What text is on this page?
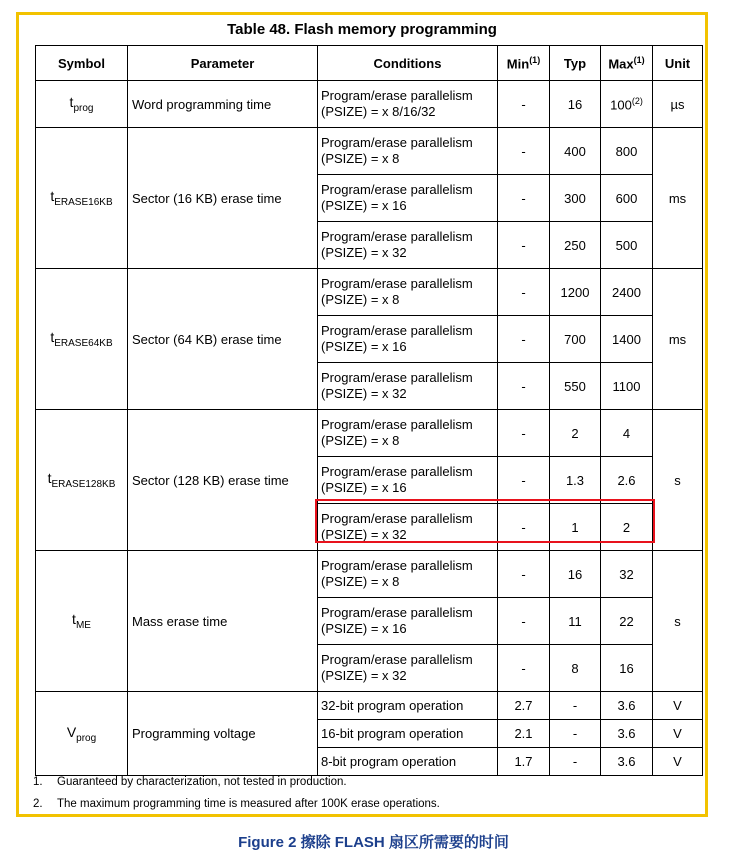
Table 48. Flash memory programming
Symbol	Parameter	Conditions	Min$^{(1)}$	Typ	Max$^{(1)}$	Unit
$t_{prog}$	Word programming time	Program/erase parallelism
(PSIZE) = x 8/16/32	-	16	100$^{(2)}$	µs
$t_{ERASE16KB}$	Sector (16 KB) erase time	Program/erase parallelism
(PSIZE) = x 8	-	400	800	ms
		Program/erase parallelism
(PSIZE) = x 16	-	300	600	
		Program/erase parallelism
(PSIZE) = x 32	-	250	500	
$t_{ERASE64KB}$	Sector (64 KB) erase time	Program/erase parallelism
(PSIZE) = x 8	-	1200	2400	ms
		Program/erase parallelism
(PSIZE) = x 16	-	700	1400	
		Program/erase parallelism
(PSIZE) = x 32	-	550	1100	
$t_{ERASE128KB}$	Sector (128 KB) erase time	Program/erase parallelism
(PSIZE) = x 8	-	2	4	s
		Program/erase parallelism
(PSIZE) = x 16	-	1.3	2.6	
		Program/erase parallelism
(PSIZE) = x 32	-	1	2	
$t_{ME}$	Mass erase time	Program/erase parallelism
(PSIZE) = x 8	-	16	32	s
		Program/erase parallelism
(PSIZE) = x 16	-	11	22	
		Program/erase parallelism
(PSIZE) = x 32	-	8	16	
$V_{prog}$	Programming voltage	32-bit program operation	2.7	-	3.6	V
		16-bit program operation	2.1	-	3.6	V
		8-bit program operation	1.7	-	3.6	V
1. Guaranteed by characterization, not tested in production.
2. The maximum programming time is measured after 100K erase operations.
Figure 2 擦除 FLASH 扇区所需要的时间
